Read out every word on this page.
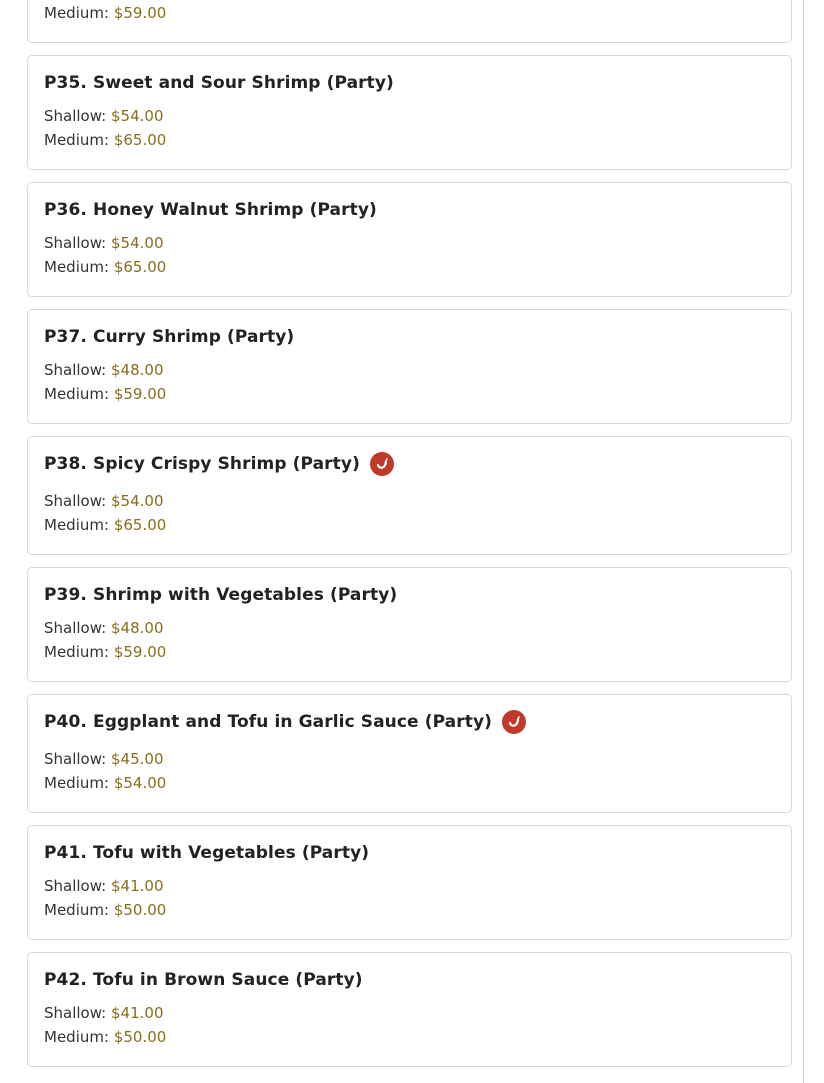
Medium: $59.00
P35. Sweet and Sour Shrimp (Party)
Shallow: $54.00
Medium: $65.00
P36. Honey Walnut Shrimp (Party)
Shallow: $54.00
Medium: $65.00
P37. Curry Shrimp (Party)
Shallow: $48.00
Medium: $59.00
P38. Spicy Crispy Shrimp (Party)
Shallow: $54.00
Medium: $65.00
P39. Shrimp with Vegetables (Party)
Shallow: $48.00
Medium: $59.00
P40. Eggplant and Tofu in Garlic Sauce (Party)
Shallow: $45.00
Medium: $54.00
P41. Tofu with Vegetables (Party)
Shallow: $41.00
Medium: $50.00
P42. Tofu in Brown Sauce (Party)
Shallow: $41.00
Medium: $50.00
